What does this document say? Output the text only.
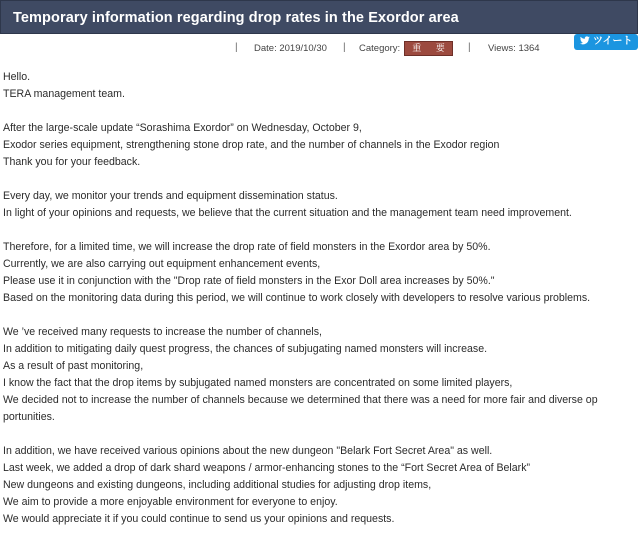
Temporary information regarding drop rates in the Exordor area
| Date: 2019/10/30 | Category:	重 要 | Views: 1364
ツイート

Hello.

TERA management team.

After the large-scale update “Sorashima Exordor” on Wednesday, October 9,

Exodor series equipment, strengthening stone drop rate, and the number of channels in the Exodor region

Thank you for your feedback.

Every day, we monitor your trends and equipment dissemination status.

In light of your opinions and requests, we believe that the current situation and the management team need improvement.

Therefore, for a limited time, we will increase the drop rate of field monsters in the Exordor area by 50%.

Currently, we are also carrying out equipment enhancement events,

Please use it in conjunction with the "Drop rate of field monsters in the Exor Doll area increases by 50%."

Based on the monitoring data during this period, we will continue to work closely with developers to resolve various problems.

We ’ve received many requests to increase the number of channels,

In addition to mitigating daily quest progress, the chances of subjugating named monsters will increase.

As a result of past monitoring,

I know the fact that the drop items by subjugated named monsters are concentrated on some limited players,

We decided not to increase the number of channels because we determined that there was a need for more fair and diverse op

portunities.

In addition, we have received various opinions about the new dungeon "Belark Fort Secret Area" as well.

Last week, we added a drop of dark shard weapons / armor-enhancing stones to the “Fort Secret Area of Belark”

New dungeons and existing dungeons, including additional studies for adjusting drop items,

We aim to provide a more enjoyable environment for everyone to enjoy.

We would appreciate it if you could continue to send us your opinions and requests.
